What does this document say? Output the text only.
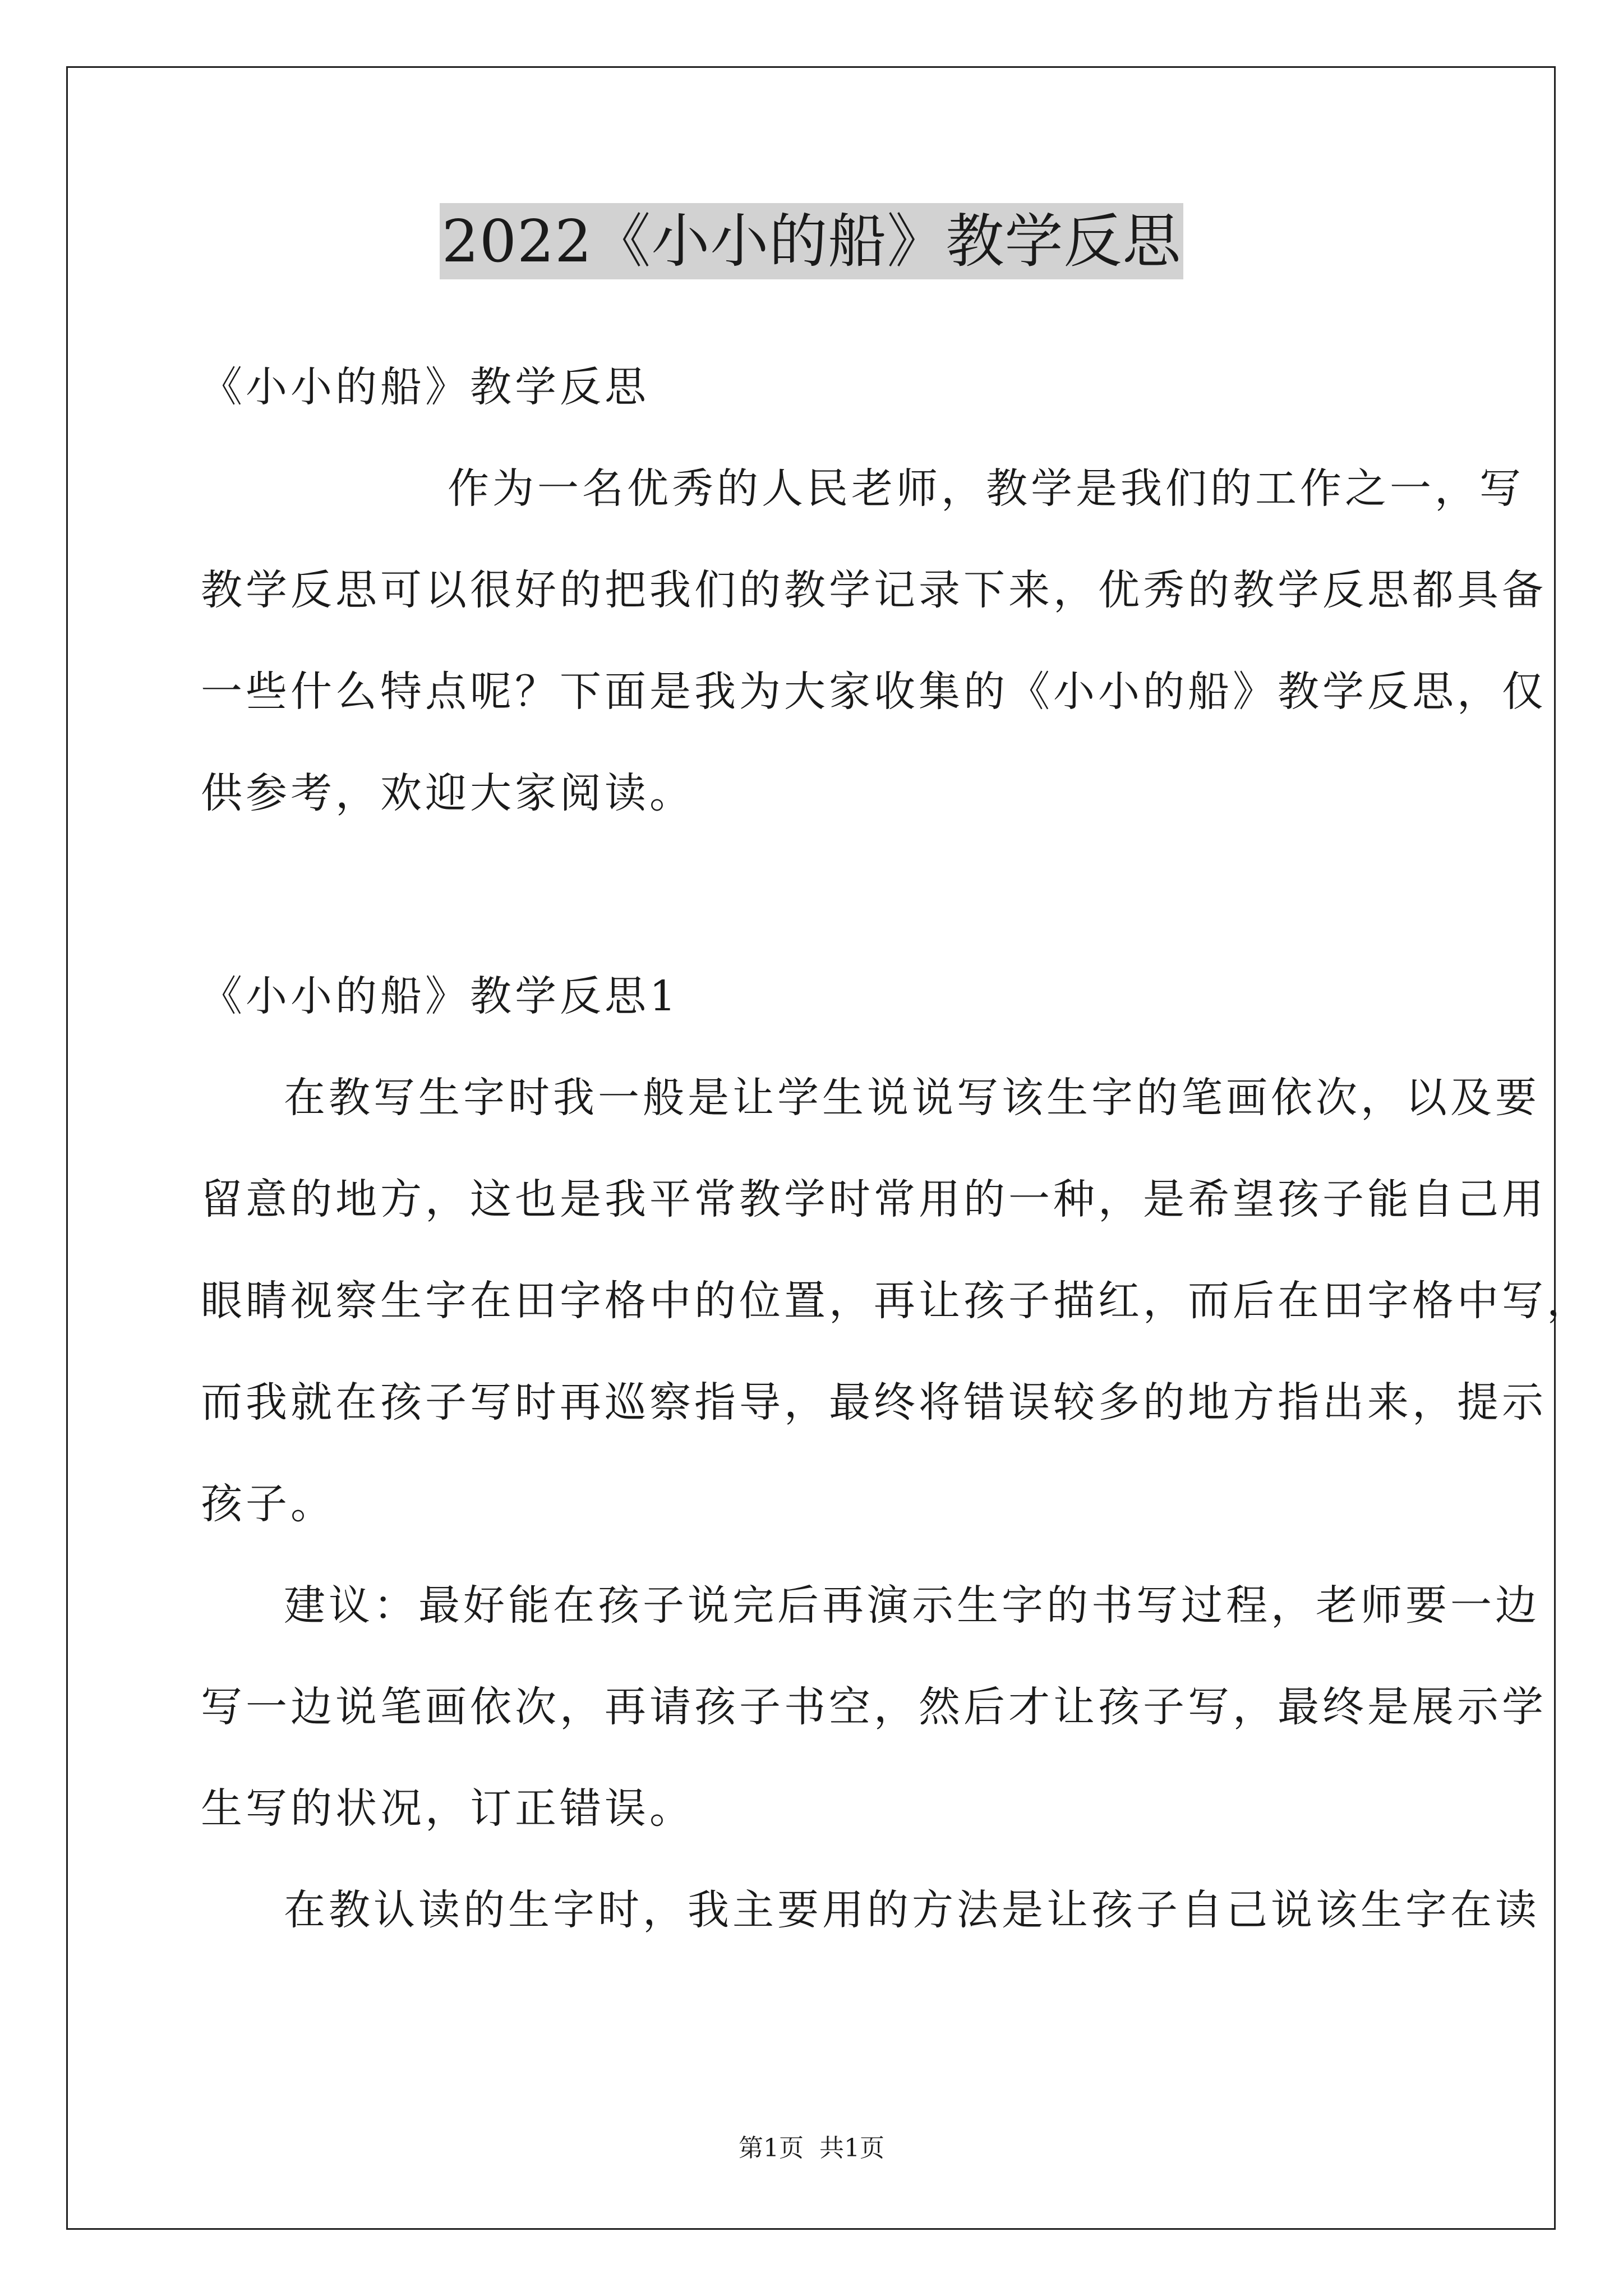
2022《小小的船》教学反思
《小小的船》教学反思
作为一名优秀的人民老师，教学是我们的工作之一，写
教学反思可以很好的把我们的教学记录下来，优秀的教学反思都具备
一些什么特点呢？下面是我为大家收集的《小小的船》教学反思，仅
供参考，欢迎大家阅读。
《小小的船》教学反思1
在教写生字时我一般是让学生说说写该生字的笔画依次，以及要
留意的地方，这也是我平常教学时常用的一种，是希望孩子能自己用
眼睛视察生字在田字格中的位置，再让孩子描红，而后在田字格中写，
而我就在孩子写时再巡察指导，最终将错误较多的地方指出来，提示
孩子。
建议：最好能在孩子说完后再演示生字的书写过程，老师要一边
写一边说笔画依次，再请孩子书空，然后才让孩子写，最终是展示学
生写的状况，订正错误。
在教认读的生字时，我主要用的方法是让孩子自己说该生字在读
第1页 共1页
